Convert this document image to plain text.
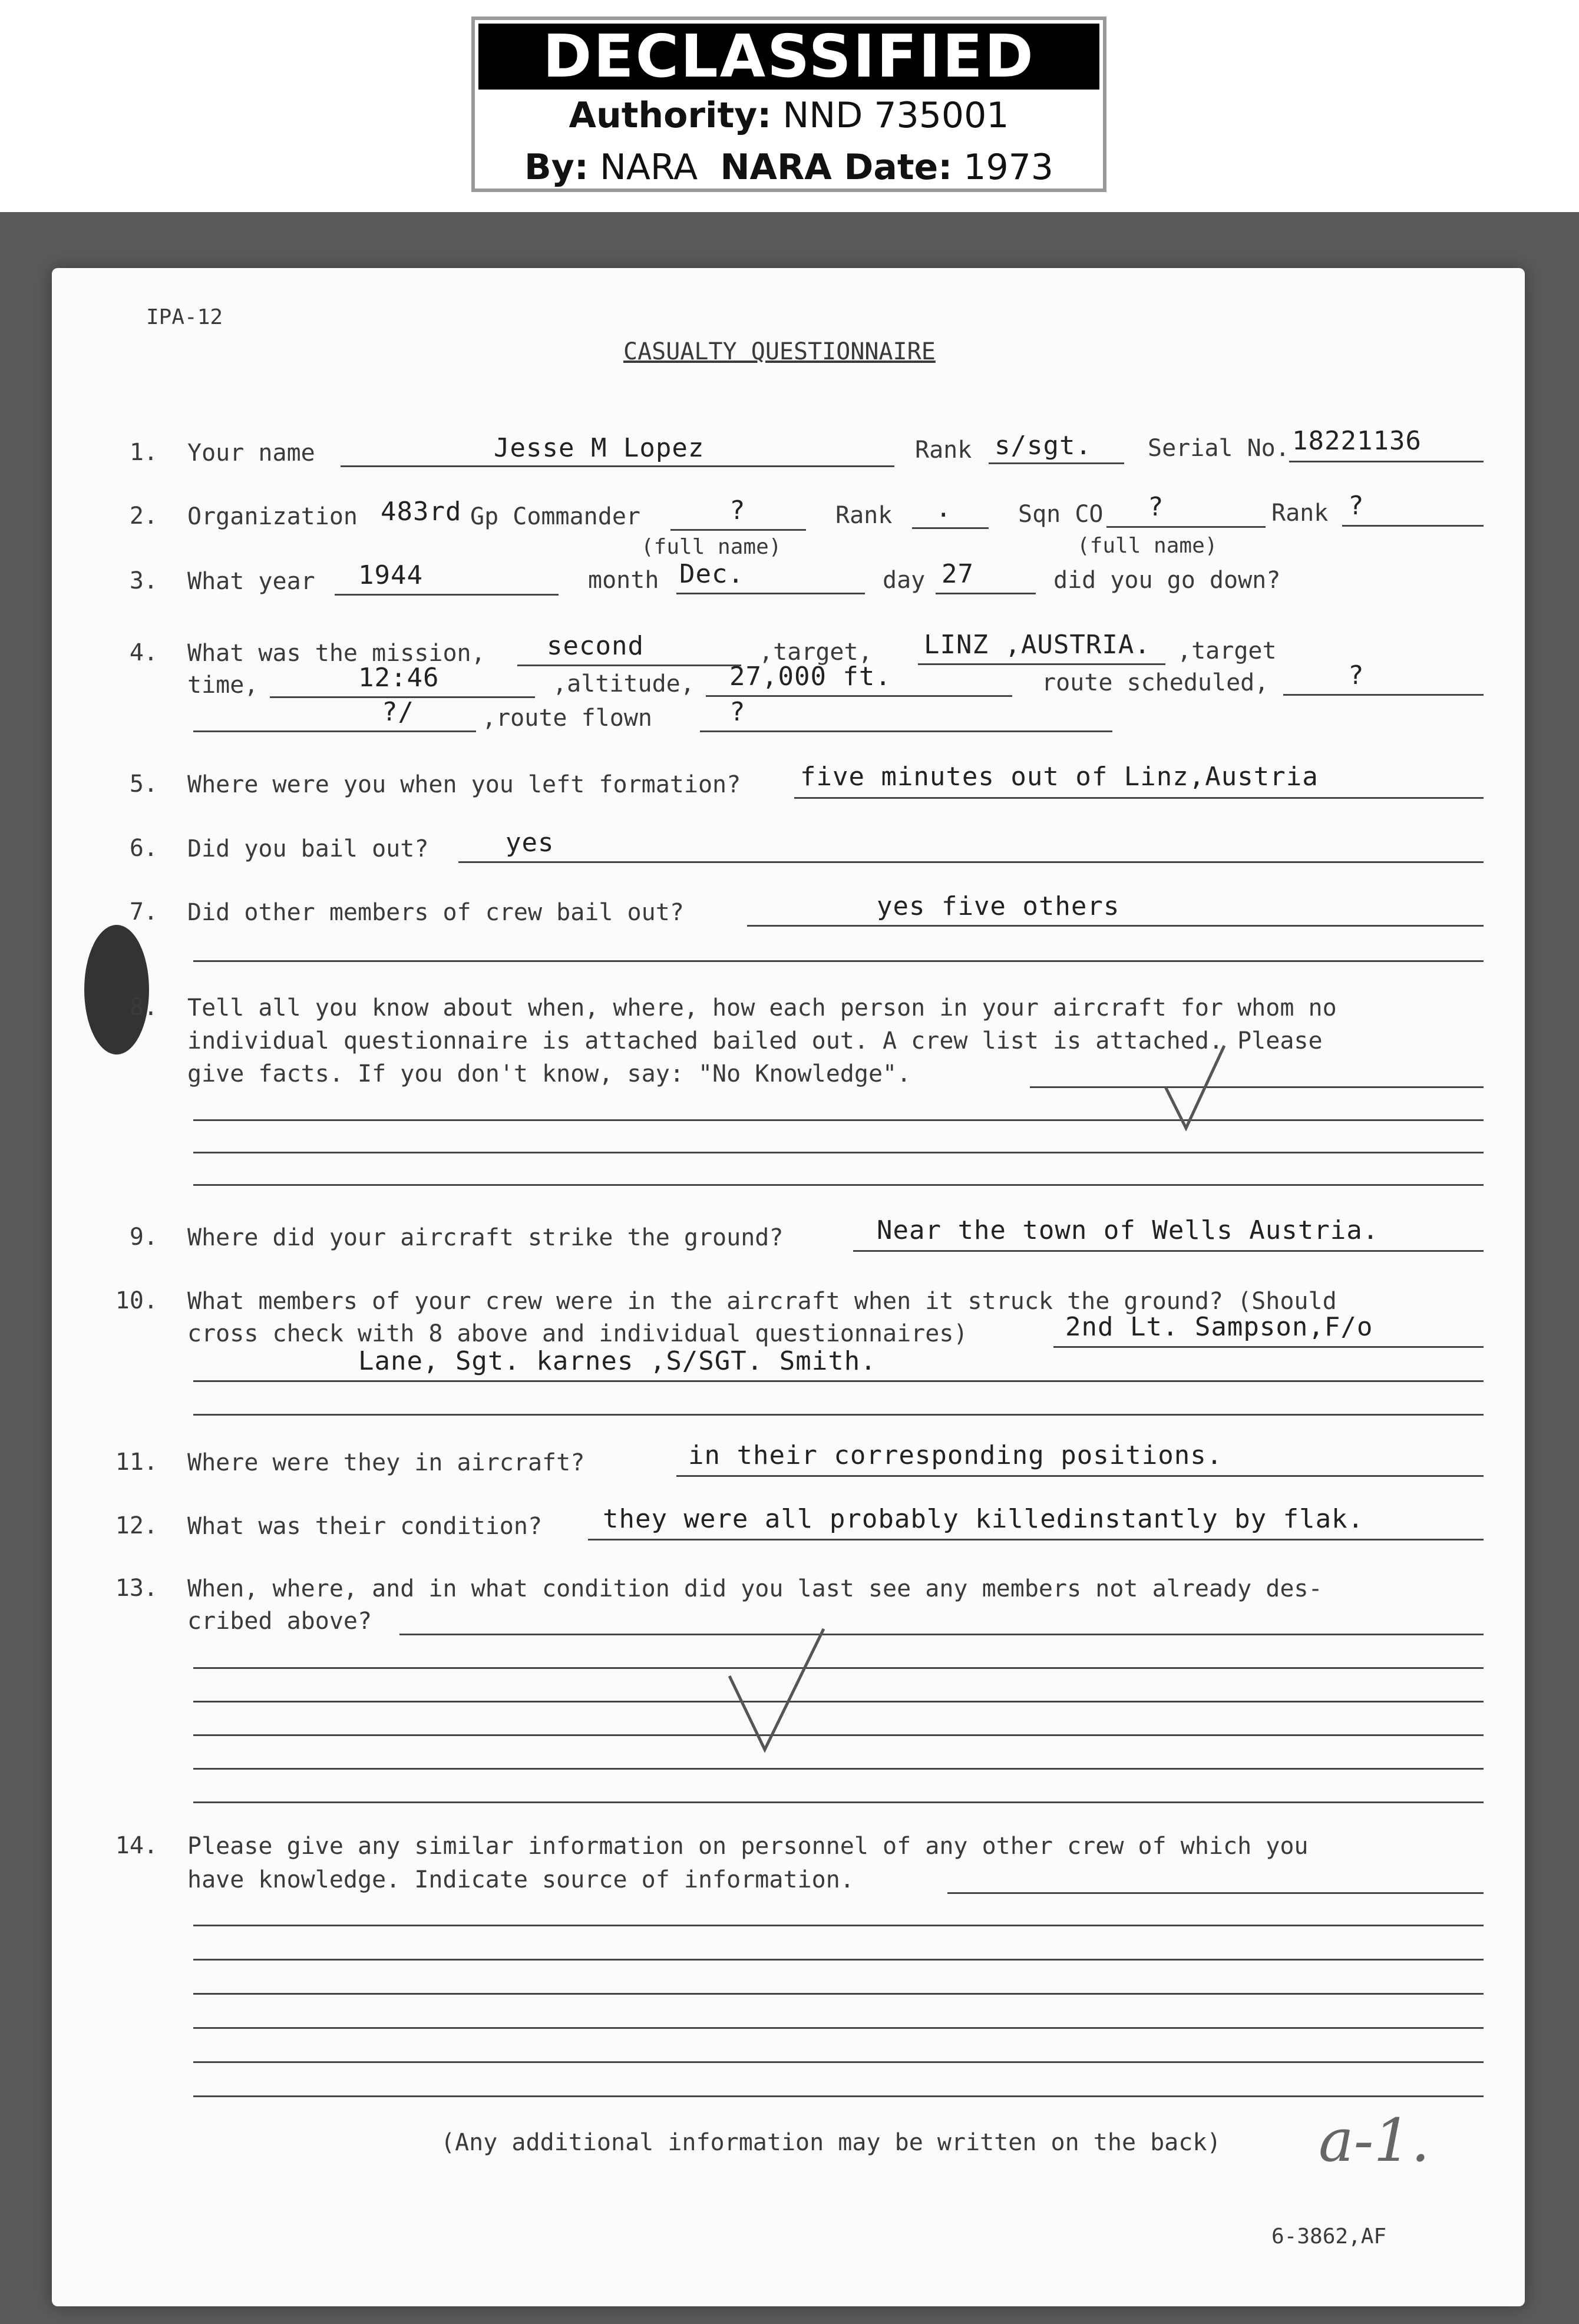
DECLASSIFIED
Authority: NND 735001
By: NARA NARA Date: 1973
IPA-12
CASUALTY QUESTIONNAIRE
1. Your name	Jesse M Lopez	Rank s/sgt. Serial No. 18221136
2. Organization 483rd Gp Commander	?	Rank .	Sqn CO ?	Rank ?
(full name)	(full name)
3. What year 1944	month Dec.	day 27	did you go down?
4. What was the mission, second	,target, LINZ ,AUSTRIA. ,target
time,	12:46	,altitude, 27,000 ft.	route scheduled,	?
?/	,route flown	?
5. Where were you when you left formation? five minutes out of Linz,Austria
6. Did you bail out?	yes
7. Did other members of crew bail out?	yes five others
8. Tell all you know about when, where, how each person in your aircraft for whom no
individual questionnaire is attached bailed out. A crew list is attached. Please
give facts. If you don't know, say: "No Knowledge".
9. Where did your aircraft strike the ground?	Near the town of Wells Austria.
10. What members of your crew were in the aircraft when it struck the ground? (Should
cross check with 8 above and individual questionnaires)	2nd Lt. Sampson,F/o
Lane, Sgt. karnes ,S/SGT. Smith.
11. Where were they in aircraft?	in their corresponding positions.
12. What was their condition? they were all probably killedinstantly by flak.
13. When, where, and in what condition did you last see any members not already des-
cribed above?
14. Please give any similar information on personnel of any other crew of which you
have knowledge. Indicate source of information.
(Any additional information may be written on the back) a-1.
6-3862,AF
